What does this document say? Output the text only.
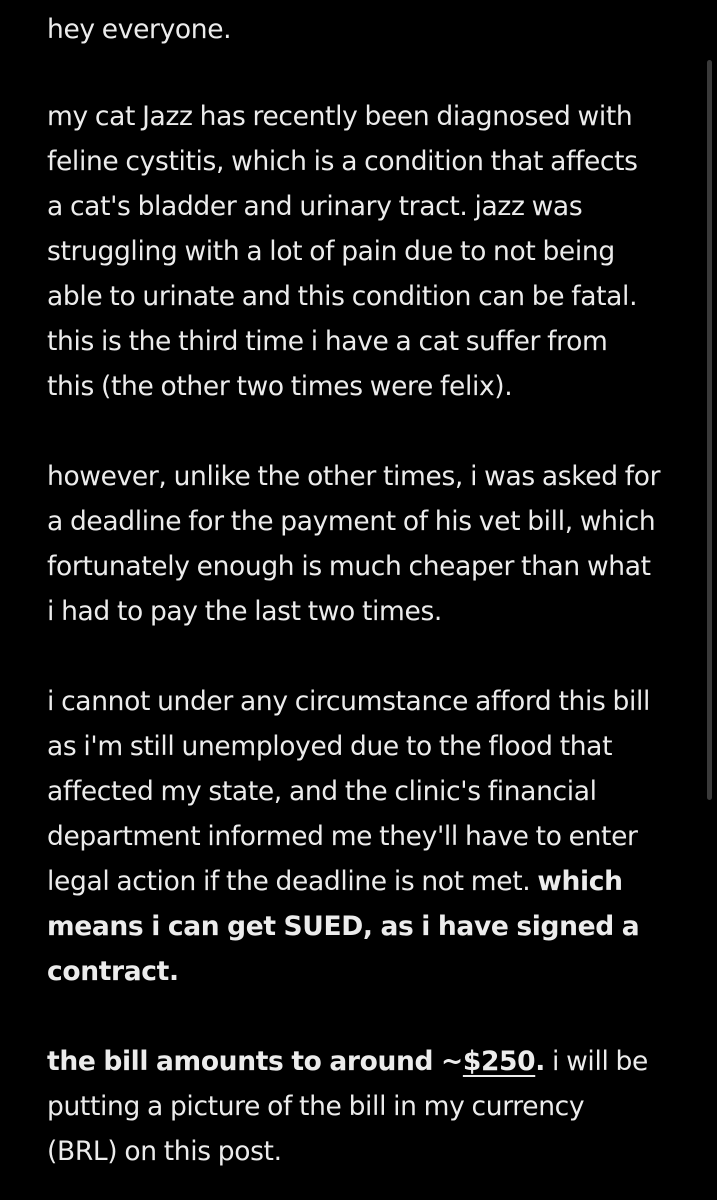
hey everyone.

my cat Jazz has recently been diagnosed with
feline cystitis, which is a condition that affects
a cat's bladder and urinary tract. jazz was
struggling with a lot of pain due to not being
able to urinate and this condition can be fatal.
this is the third time i have a cat suffer from
this (the other two times were felix).

however, unlike the other times, i was asked for
a deadline for the payment of his vet bill, which
fortunately enough is much cheaper than what
i had to pay the last two times.

i cannot under any circumstance afford this bill
as i'm still unemployed due to the flood that
affected my state, and the clinic's financial
department informed me they'll have to enter
legal action if the deadline is not met. which
means i can get SUED, as i have signed a
contract.

the bill amounts to around ~$250. i will be
putting a picture of the bill in my currency
(BRL) on this post.
